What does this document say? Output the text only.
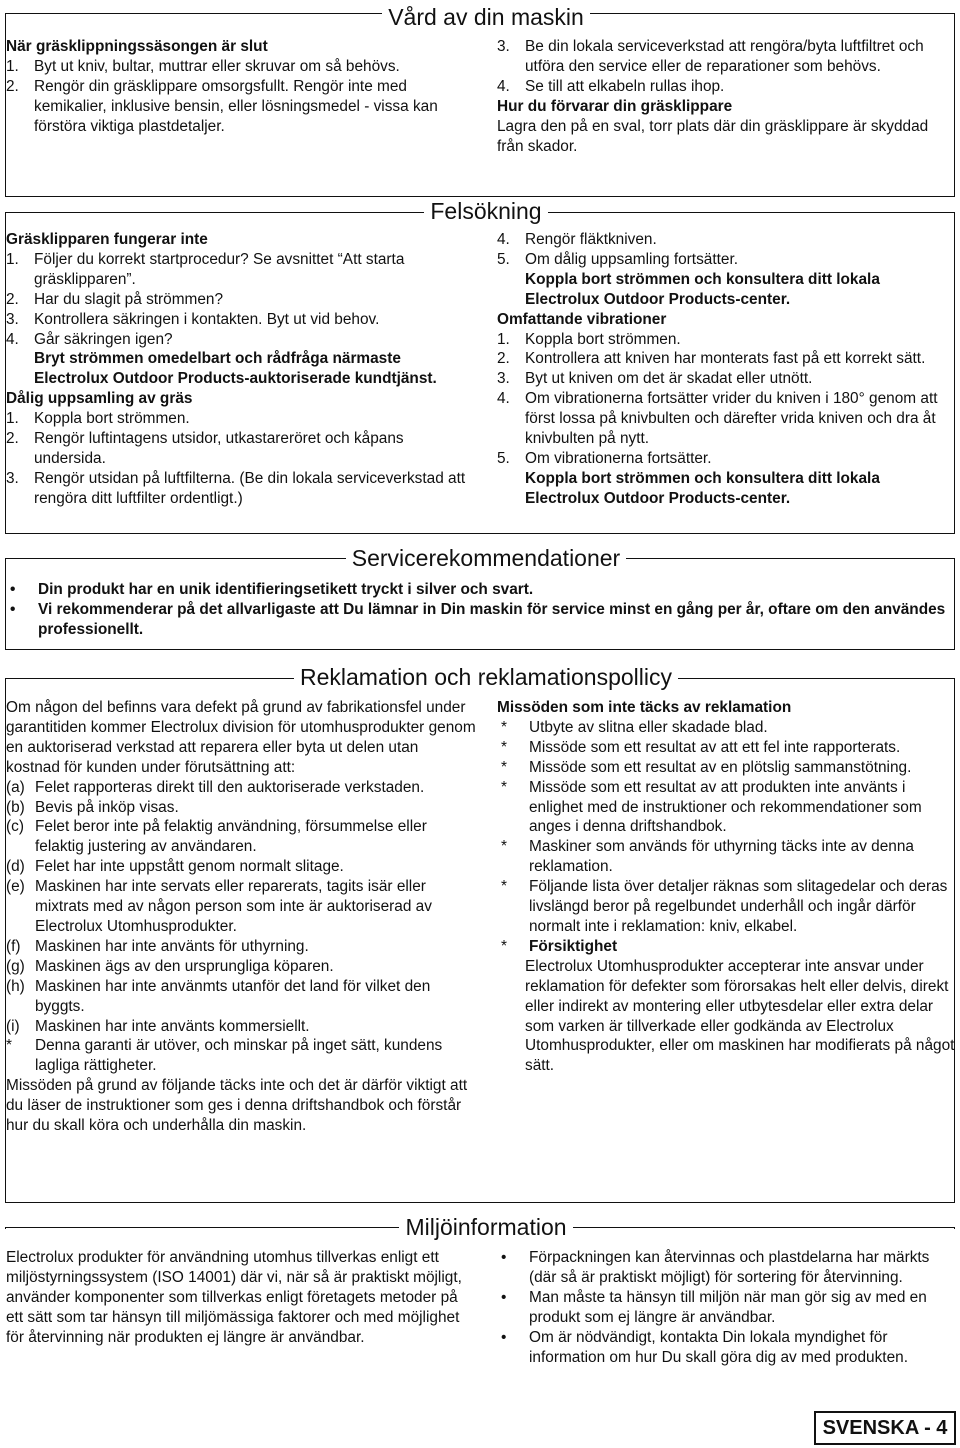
Vård av din maskin

När gräsklippningssäsongen är slut

1. Byt ut kniv, bultar, muttrar eller skruvar om så behövs.
2. Rengör din gräsklippare omsorgsfullt. Rengör inte med kemikalier, inklusive bensin, eller lösningsmedel - vissa kan förstöra viktiga plastdetaljer.
3. Be din lokala serviceverkstad att rengöra/byta luftfiltret och utföra den service eller de reparationer som behövs.
4. Se till att elkabeln rullas ihop.

Hur du förvarar din gräsklippare

Lagra den på en sval, torr plats där din gräsklippare är skyddad från skador.

Felsökning

Gräsklipparen fungerar inte

1. Följer du korrekt startprocedur? Se avsnittet “Att starta gräsklipparen”.
2. Har du slagit på strömmen?
3. Kontrollera säkringen i kontakten. Byt ut vid behov.
4. Går säkringen igen?

Bryt strömmen omedelbart och rådfråga närmaste Electrolux Outdoor Products-auktoriserade kundtjänst.

Dålig uppsamling av gräs

1. Koppla bort strömmen.
2. Rengör luftintagens utsidor, utkastareröret och kåpans undersida.
3. Rengör utsidan på luftfilterna. (Be din lokala serviceverkstad att rengöra ditt luftfilter ordentligt.)
4. Rengör fläktkniven.
5. Om dålig uppsamling fortsätter.

Koppla bort strömmen och konsultera ditt lokala Electrolux Outdoor Products-center.

Omfattande vibrationer

1. Koppla bort strömmen.
2. Kontrollera att kniven har monterats fast på ett korrekt sätt.
3. Byt ut kniven om det är skadat eller utnött.
4. Om vibrationerna fortsätter vrider du kniven i 180° genom att först lossa på knivbulten och därefter vrida kniven och dra åt knivbulten på nytt.
5. Om vibrationerna fortsätter.

Koppla bort strömmen och konsultera ditt lokala Electrolux Outdoor Products-center.

Servicerekommendationer
•	Din produkt har en unik identifieringsetikett tryckt i silver och svart.
•	Vi rekommenderar på det allvarligaste att Du lämnar in Din maskin för service minst en gång per år, oftare om den användes professionellt.
Reklamation och reklamationspollicy

Om någon del befinns vara defekt på grund av fabrikationsfel under garantitiden kommer Electrolux division för utomhusprodukter genom en auktoriserad verkstad att reparera eller byta ut delen utan kostnad för kunden under förutsättning att:

(a) Felet rapporteras direkt till den auktoriserade verkstaden.
(b) Bevis på inköp visas.
(c) Felet beror inte på felaktig användning, försummelse eller felaktig justering av användaren.
(d) Felet har inte uppstått genom normalt slitage.
(e) Maskinen har inte servats eller reparerats, tagits isär eller mixtrats med av någon person som inte är auktoriserad av Electrolux Utomhusprodukter.
(f) Maskinen har inte använts för uthyrning.
(g) Maskinen ägs av den ursprungliga köparen.
(h) Maskinen har inte använmts utanför det land för vilket den byggts.
(i) Maskinen har inte använts kommersiellt.
*	Denna garanti är utöver, och minskar på inget sätt, kundens lagliga rättigheter.

Missöden på grund av följande täcks inte och det är därför viktigt att du läser de instruktioner som ges i denna driftshandbok och förstår hur du skall köra och underhålla din maskin.

Missöden som inte täcks av reklamation

*	Utbyte av slitna eller skadade blad.
*	Missöde som ett resultat av att ett fel inte rapporterats.
*	Missöde som ett resultat av en plötslig sammanstötning.
*	Missöde som ett resultat av att produkten inte använts i enlighet med de instruktioner och rekommendationer som anges i denna driftshandbok.
*	Maskiner som används för uthyrning täcks inte av denna reklamation.
*	Följande lista över detaljer räknas som slitagedelar och deras livslängd beror på regelbundet underhåll och ingår därför normalt inte i reklamation: kniv, elkabel.
*	Försiktighet

Electrolux Utomhusprodukter accepterar inte ansvar under reklamation för defekter som förorsakas helt eller delvis, direkt eller indirekt av montering eller utbytesdelar eller extra delar som varken är tillverkade eller godkända av Electrolux Utomhusprodukter, eller om maskinen har modifierats på något sätt.

Miljöinformation

Electrolux produkter för användning utomhus tillverkas enligt ett miljöstyrningssystem (ISO 14001) där vi, när så är praktiskt möjligt, använder komponenter som tillverkas enligt företagets metoder på ett sätt som tar hänsyn till miljömässiga faktorer och med möjlighet för återvinning när produkten ej längre är användbar.

•	Förpackningen kan återvinnas och plastdelarna har märkts (där så är praktiskt möjligt) för sortering för återvinning.
•	Man måste ta hänsyn till miljön när man gör sig av med en produkt som ej längre är användbar.
•	Om är nödvändigt, kontakta Din lokala myndighet för information om hur Du skall göra dig av med produkten.
SVENSKA - 4
